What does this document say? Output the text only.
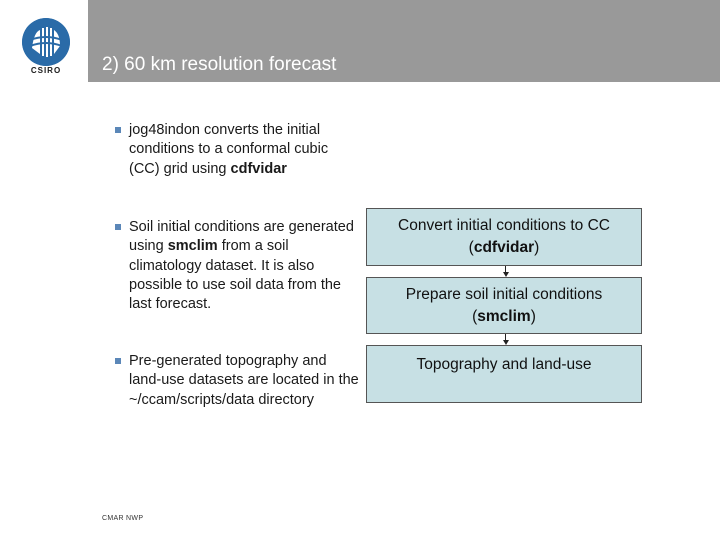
CSIRO	2) 60 km resolution forecast
jog48indon converts the initial conditions to a conformal cubic (CC) grid using cdfvidar
Soil initial conditions are generated using smclim from a soil climatology dataset. It is also possible to use soil data from the last forecast.
Pre-generated topography and land-use datasets are located in the ~/ccam/scripts/data directory
Convert initial conditions to CC
(cdfvidar)
Prepare soil initial conditions
(smclim)
Topography and land-use
CMAR NWP
